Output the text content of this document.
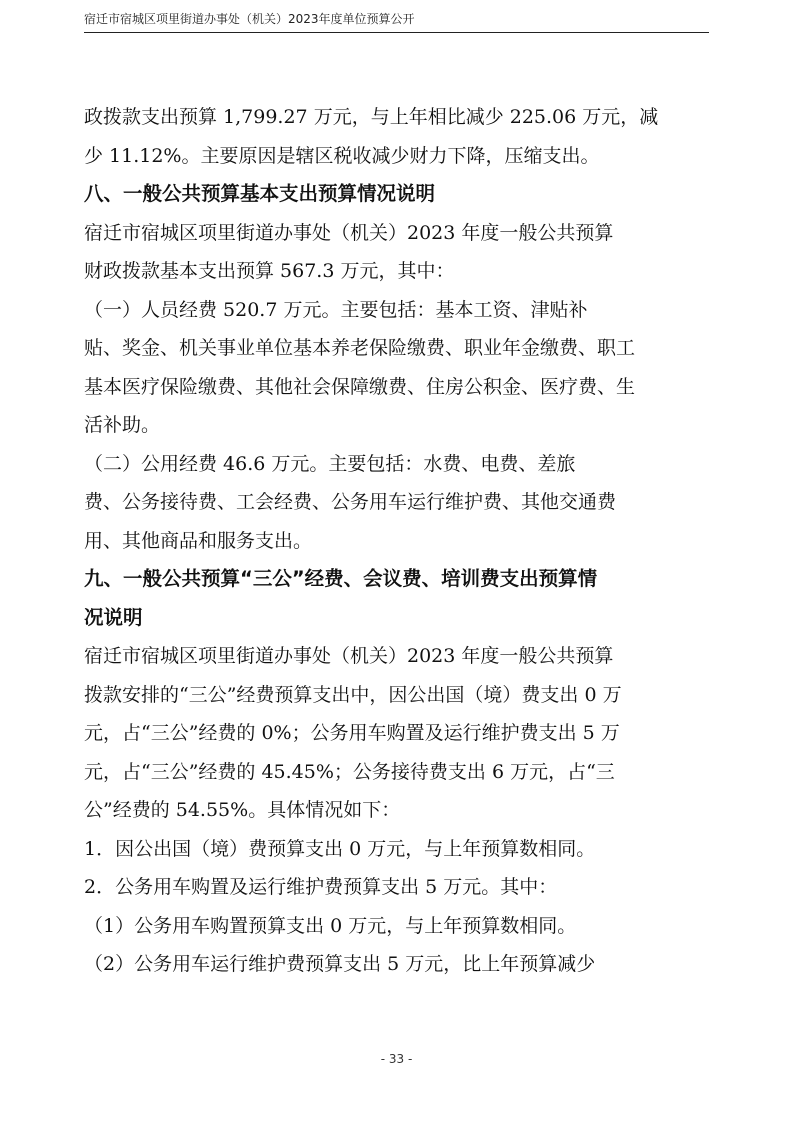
宿迁市宿城区项里街道办事处（机关）2023年度单位预算公开
政拨款支出预算 1,799.27 万元，与上年相比减少 225.06 万元，减
少 11.12%。主要原因是辖区税收减少财力下降，压缩支出。
八、一般公共预算基本支出预算情况说明
宿迁市宿城区项里街道办事处（机关）2023 年度一般公共预算
财政拨款基本支出预算 567.3 万元，其中：
（一）人员经费 520.7 万元。主要包括：基本工资、津贴补
贴、奖金、机关事业单位基本养老保险缴费、职业年金缴费、职工
基本医疗保险缴费、其他社会保障缴费、住房公积金、医疗费、生
活补助。
（二）公用经费 46.6 万元。主要包括：水费、电费、差旅
费、公务接待费、工会经费、公务用车运行维护费、其他交通费
用、其他商品和服务支出。
九、一般公共预算“三公”经费、会议费、培训费支出预算情
况说明
宿迁市宿城区项里街道办事处（机关）2023 年度一般公共预算
拨款安排的“三公”经费预算支出中，因公出国（境）费支出 0 万
元，占“三公”经费的 0%；公务用车购置及运行维护费支出 5 万
元，占“三公”经费的 45.45%；公务接待费支出 6 万元，占“三
公”经费的 54.55%。具体情况如下：
1．因公出国（境）费预算支出 0 万元，与上年预算数相同。
2．公务用车购置及运行维护费预算支出 5 万元。其中：
（1）公务用车购置预算支出 0 万元，与上年预算数相同。
（2）公务用车运行维护费预算支出 5 万元，比上年预算减少
- 33 -
